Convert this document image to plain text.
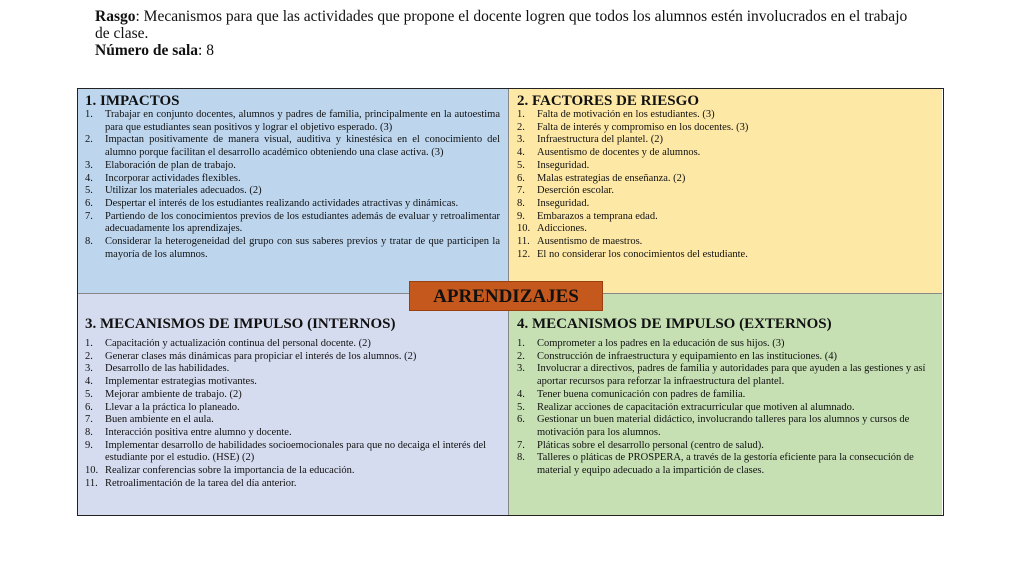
Rasgo: Mecanismos para que las actividades que propone el docente logren que todos los alumnos estén involucrados en el trabajo de clase.
Número de sala: 8
1. IMPACTOS
1. Trabajar en conjunto docentes, alumnos y padres de familia, principalmente en la autoestima para que estudiantes sean positivos y lograr el objetivo esperado. (3)
2. Impactan positivamente de manera visual, auditiva y kinestésica en el conocimiento del alumno porque facilitan el desarrollo académico obteniendo una clase activa. (3)
3. Elaboración de plan de trabajo.
4. Incorporar actividades flexibles.
5. Utilizar los materiales adecuados. (2)
6. Despertar el interés de los estudiantes realizando actividades atractivas y dinámicas.
7. Partiendo de los conocimientos previos de los estudiantes además de evaluar y retroalimentar adecuadamente los aprendizajes.
8. Considerar la heterogeneidad del grupo con sus saberes previos y tratar de que participen la mayoría de los alumnos.
2. FACTORES DE RIESGO
1. Falta de motivación en los estudiantes. (3)
2. Falta de interés y compromiso en los docentes. (3)
3. Infraestructura del plantel. (2)
4. Ausentismo de docentes y de alumnos.
5. Inseguridad.
6. Malas estrategias de enseñanza. (2)
7. Deserción escolar.
8. Inseguridad.
9. Embarazos a temprana edad.
10. Adicciones.
11. Ausentismo de maestros.
12. El no considerar los conocimientos del estudiante.
3. MECANISMOS DE IMPULSO (INTERNOS)
1. Capacitación y actualización continua del personal docente. (2)
2. Generar clases más dinámicas para propiciar el interés de los alumnos. (2)
3. Desarrollo de las habilidades.
4. Implementar estrategias motivantes.
5. Mejorar ambiente de trabajo. (2)
6. Llevar a la práctica lo planeado.
7. Buen ambiente en el aula.
8. Interacción positiva entre alumno y docente.
9. Implementar desarrollo de habilidades socioemocionales para que no decaiga el interés del estudiante por el estudio. (HSE) (2)
10. Realizar conferencias sobre la importancia de la educación.
11. Retroalimentación de la tarea del día anterior.
4. MECANISMOS DE IMPULSO (EXTERNOS)
1. Comprometer a los padres en la educación de sus hijos. (3)
2. Construcción de infraestructura y equipamiento en las instituciones. (4)
3. Involucrar a directivos, padres de familia y autoridades para que ayuden a las gestiones y así aportar recursos para reforzar la infraestructura del plantel.
4. Tener buena comunicación con padres de familia.
5. Realizar acciones de capacitación extracurricular que motiven al alumnado.
6. Gestionar un buen material didáctico, involucrando talleres para los alumnos y cursos de motivación para los alumnos.
7. Pláticas sobre el desarrollo personal (centro de salud).
8. Talleres o pláticas de PROSPERA, a través de la gestoría eficiente para la consecución de material y equipo adecuado a la impartición de clases.
APRENDIZAJES
